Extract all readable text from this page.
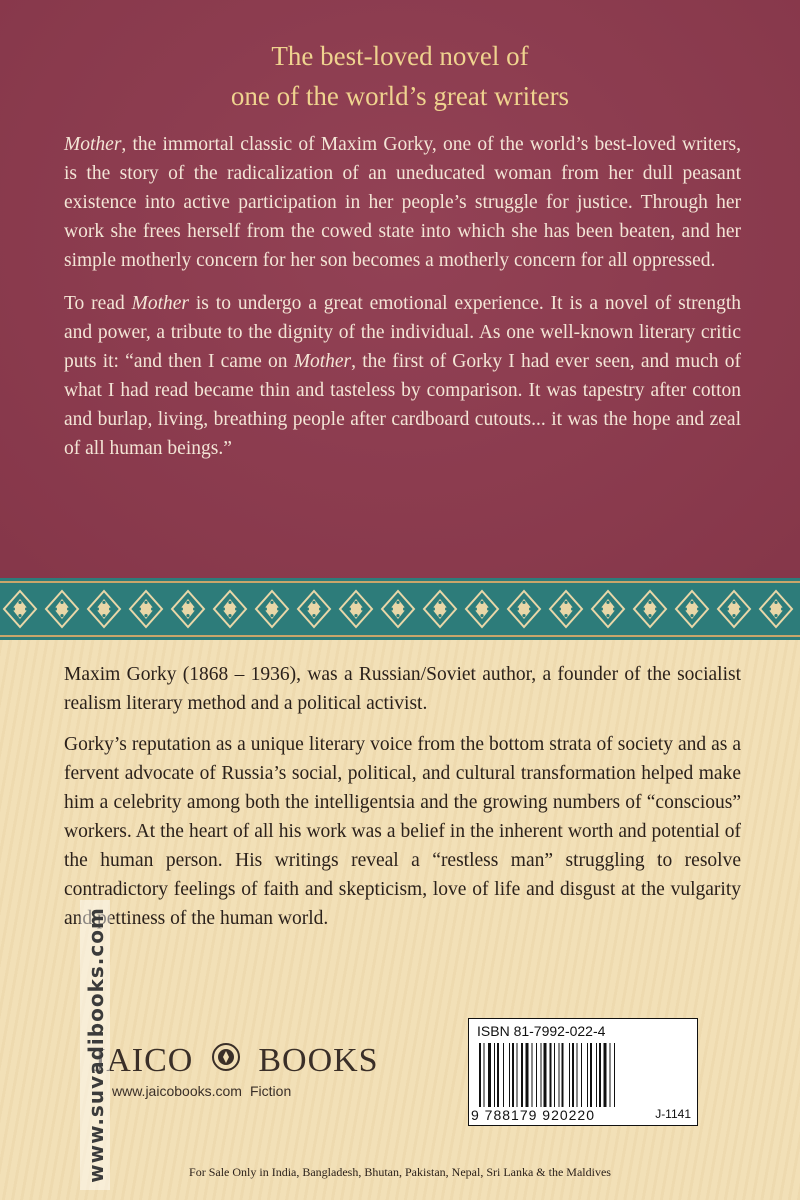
The best-loved novel of
one of the world’s great writers

Mother, the immortal classic of Maxim Gorky, one of the world’s best-loved writers, is the story of the radicalization of an uneducated woman from her dull peasant existence into active participation in her people’s struggle for justice. Through her work she frees herself from the cowed state into which she has been beaten, and her simple motherly concern for her son becomes a motherly concern for all oppressed.

To read Mother is to undergo a great emotional experience. It is a novel of strength and power, a tribute to the dignity of the individual. As one well-known literary critic puts it: “and then I came on Mother, the first of Gorky I had ever seen, and much of what I had read became thin and tasteless by comparison. It was tapestry after cotton and burlap, living, breathing people after cardboard cutouts... it was the hope and zeal of all human beings.”

Maxim Gorky (1868 – 1936), was a Russian/Soviet author, a founder of the socialist realism literary method and a political activist.

Gorky’s reputation as a unique literary voice from the bottom strata of society and as a fervent advocate of Russia’s social, political, and cultural transformation helped make him a celebrity among both the intelligentsia and the growing numbers of “conscious” workers. At the heart of all his work was a belief in the inherent worth and potential of the human person. His writings reveal a “restless man” struggling to resolve contradictory feelings of faith and skepticism, love of life and disgust at the vulgarity and pettiness of the human world.

JAICO BOOKS
www.jaicobooks.com Fiction
ISBN 81-7992-022-4
9 788179 920220	J-1141
For Sale Only in India, Bangladesh, Bhutan, Pakistan, Nepal, Sri Lanka & the Maldives
www.suvadibooks.com
